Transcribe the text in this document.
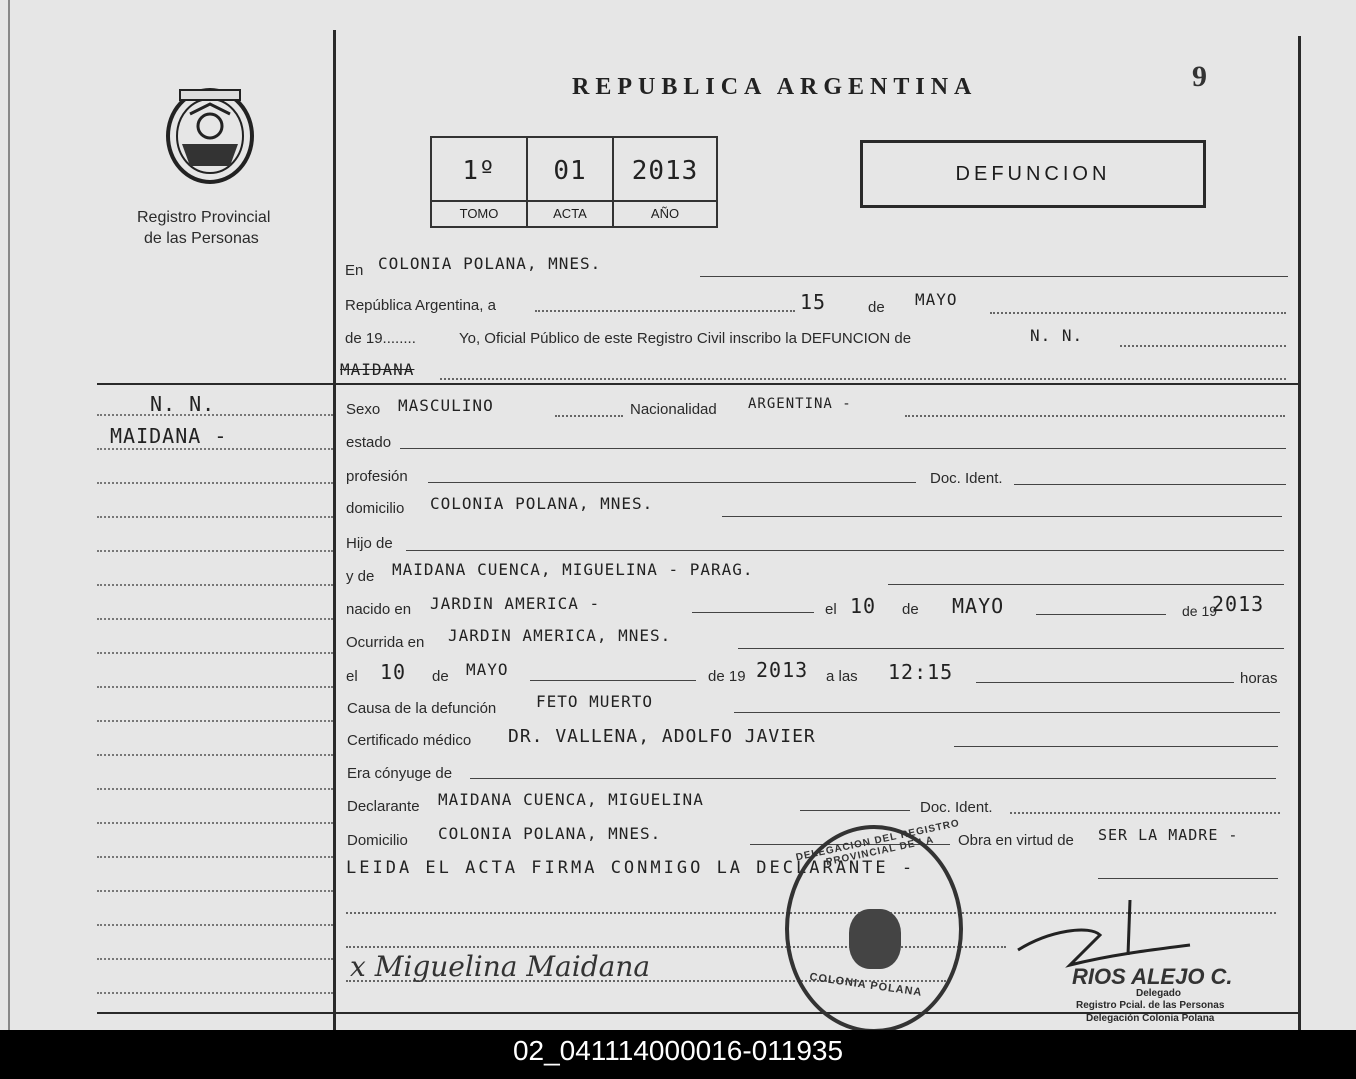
Registro Provincial
de las Personas
REPUBLICA ARGENTINA	9
1º
TOMO
01
ACTA
2013
AÑO
DEFUNCION
En COLONIA POLANA, MNES.
República Argentina, a	15	de MAYO
de 19........	Yo, Oficial Público de este Registro Civil inscribo la DEFUNCION de	N. N.
MAIDANA
N. N.
MAIDANA -
Sexo MASCULINO	Nacionalidad ARGENTINA -
estado
profesión	Doc. Ident.
domicilio COLONIA POLANA, MNES.
Hijo de
y de MAIDANA CUENCA, MIGUELINA - PARAG.
nacido en JARDIN AMERICA -	el 10 de MAYO	de 19
2013
Ocurrida en JARDIN AMERICA, MNES.
el 10 de MAYO	de 19 2013 a las 12:15	horas
Causa de la defunción FETO MUERTO
Certificado médico DR. VALLENA, ADOLFO JAVIER
Era cónyuge de
Declarante MAIDANA CUENCA, MIGUELINA	Doc. Ident.
Domicilio COLONIA POLANA, MNES.	Obra en virtud de SER LA MADRE -
LEIDA EL ACTA FIRMA CONMIGO LA DECLARANTE -
x Miguelina Maidana
DELEGACION DEL REGISTRO PROVINCIAL DE LA
COLONIA POLANA	RIOS ALEJO C.
Delegado
Registro Pcial. de las Personas
Delegación Colonia Polana
02_041114000016-011935
